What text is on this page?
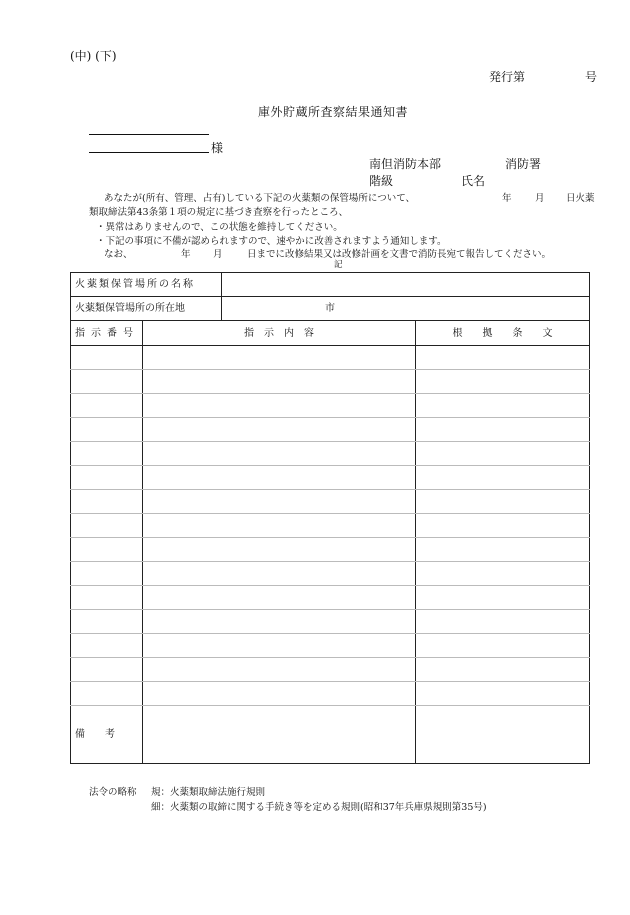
(中) (下)
発行第	号
庫外貯蔵所査察結果通知書
様
南但消防本部	消防署
階級	氏名
あなたが(所有、管理、占有)している下記の火薬類の保管場所について、	年 月 日火薬
類取締法第43条第１項の規定に基づき査察を行ったところ、
・異常はありませんので、この状態を維持してください。
・下記の事項に不備が認められますので、速やかに改善されますよう通知します。
なお、	年 月	日までに改修結果又は改修計画を文書で消防長宛て報告してください。
記
火薬類保管場所の名称			
火薬類保管場所の所在地		市	
指示番号	指　示　内　容		根　　拠　　条　　文

備　　考			
法令の略称 規：火薬類取締法施行規則
細：火薬類の取締に関する手続き等を定める規則(昭和37年兵庫県規則第35号)
